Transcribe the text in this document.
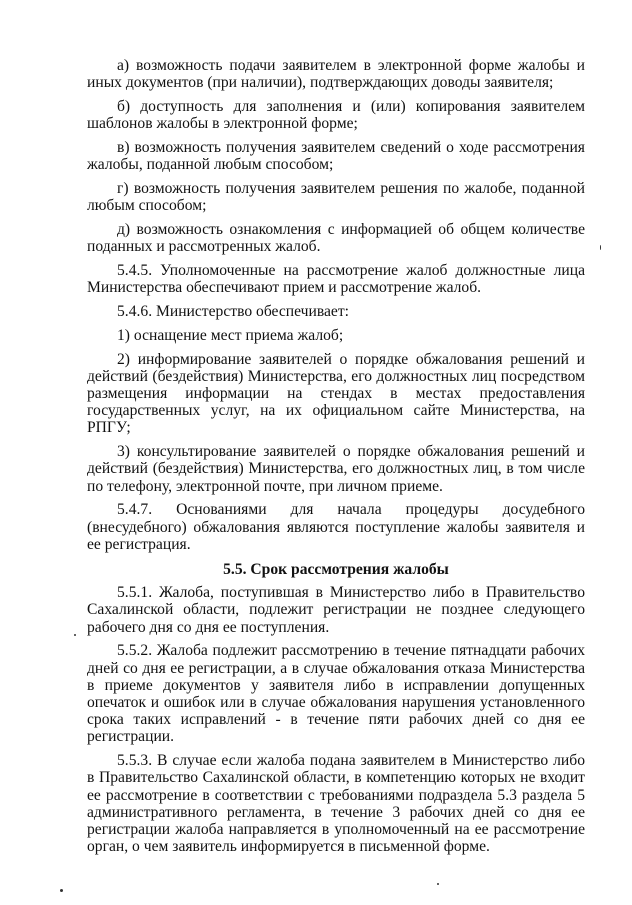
а) возможность подачи заявителем в электронной форме жалобы и иных документов (при наличии), подтверждающих доводы заявителя;

б) доступность для заполнения и (или) копирования заявителем шаблонов жалобы в электронной форме;

в) возможность получения заявителем сведений о ходе рассмотрения жалобы, поданной любым способом;

г) возможность получения заявителем решения по жалобе, поданной любым способом;

д) возможность ознакомления с информацией об общем количестве поданных и рассмотренных жалоб.

5.4.5. Уполномоченные на рассмотрение жалоб должностные лица Министерства обеспечивают прием и рассмотрение жалоб.

5.4.6. Министерство обеспечивает:

1) оснащение мест приема жалоб;

2) информирование заявителей о порядке обжалования решений и действий (бездействия) Министерства, его должностных лиц посредством размещения информации на стендах в местах предоставления государственных услуг, на их официальном сайте Министерства, на РПГУ;

3) консультирование заявителей о порядке обжалования решений и действий (бездействия) Министерства, его должностных лиц, в том числе по телефону, электронной почте, при личном приеме.

5.4.7. Основаниями для начала процедуры досудебного (внесудебного) обжалования являются поступление жалобы заявителя и ее регистрация.

5.5. Срок рассмотрения жалобы

5.5.1. Жалоба, поступившая в Министерство либо в Правительство Сахалинской области, подлежит регистрации не позднее следующего рабочего дня со дня ее поступления.

5.5.2. Жалоба подлежит рассмотрению в течение пятнадцати рабочих дней со дня ее регистрации, а в случае обжалования отказа Министерства в приеме документов у заявителя либо в исправлении допущенных опечаток и ошибок или в случае обжалования нарушения установленного срока таких исправлений - в течение пяти рабочих дней со дня ее регистрации.

5.5.3. В случае если жалоба подана заявителем в Министерство либо в Правительство Сахалинской области, в компетенцию которых не входит ее рассмотрение в соответствии с требованиями подраздела 5.3 раздела 5 административного регламента, в течение 3 рабочих дней со дня ее регистрации жалоба направляется в уполномоченный на ее рассмотрение орган, о чем заявитель информируется в письменной форме.
